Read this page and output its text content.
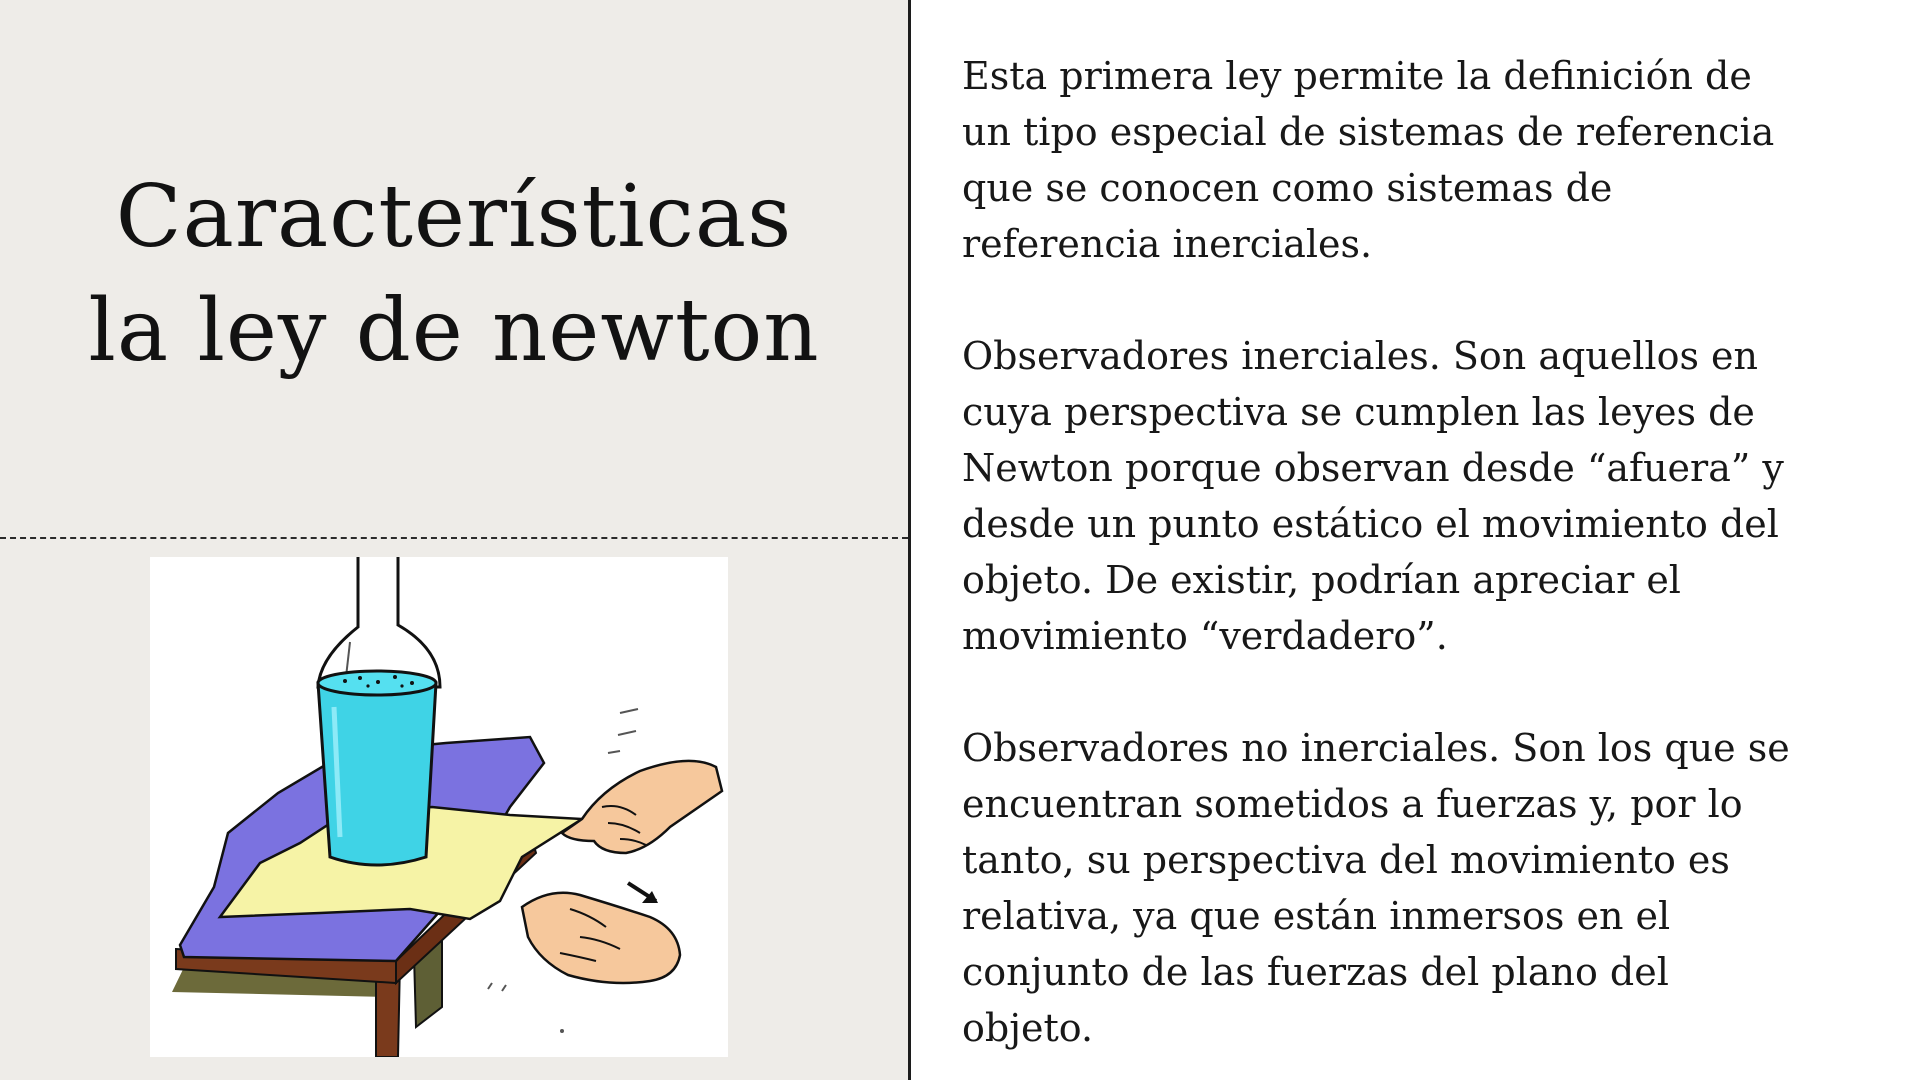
Características
la ley de newton

Esta primera ley permite la definición de
un tipo especial de sistemas de referencia
que se conocen como sistemas de
referencia inerciales.

Observadores inerciales. Son aquellos en
cuya perspectiva se cumplen las leyes de
Newton porque observan desde “afuera” y
desde un punto estático el movimiento del
objeto. De existir, podrían apreciar el
movimiento “verdadero”.

Observadores no inerciales. Son los que se
encuentran sometidos a fuerzas y, por lo
tanto, su perspectiva del movimiento es
relativa, ya que están inmersos en el
conjunto de las fuerzas del plano del
objeto.
